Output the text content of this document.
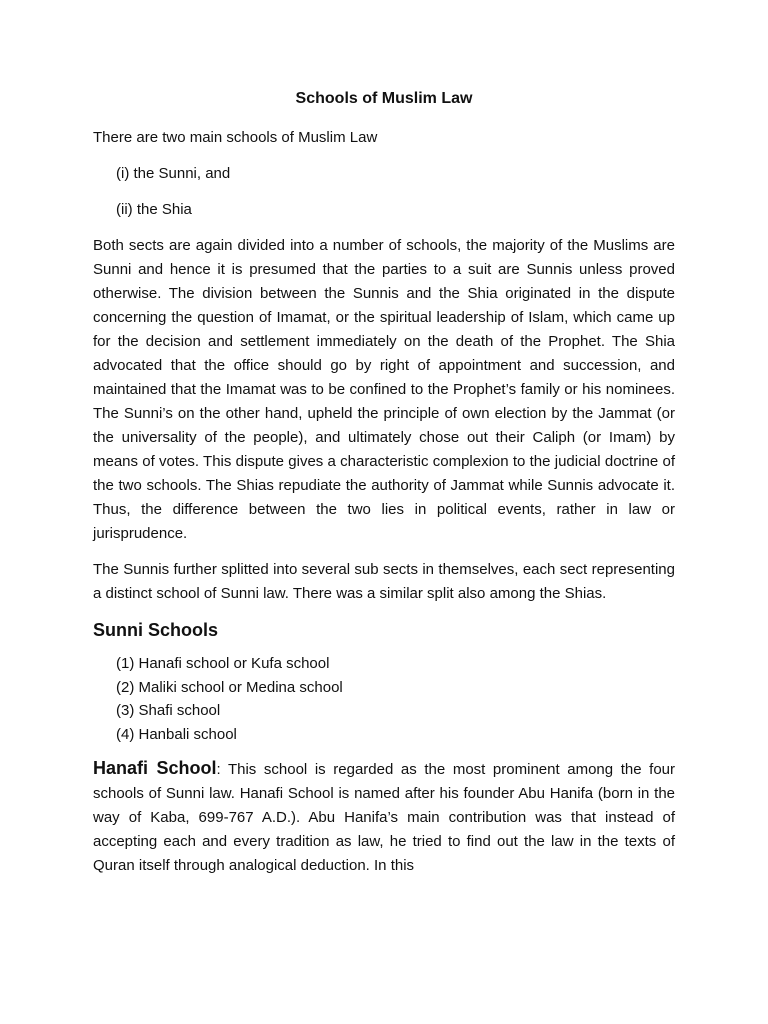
Schools of Muslim Law
There are two main schools of Muslim Law
(i) the Sunni, and
(ii) the Shia

Both sects are again divided into a number of schools, the majority of the Muslims are Sunni and hence it is presumed that the parties to a suit are Sunnis unless proved otherwise. The division between the Sunnis and the Shia originated in the dispute concerning the question of Imamat, or the spiritual leadership of Islam, which came up for the decision and settlement immediately on the death of the Prophet. The Shia advocated that the office should go by right of appointment and succession, and maintained that the Imamat was to be confined to the Prophet’s family or his nominees. The Sunni’s on the other hand, upheld the principle of own election by the Jammat (or the universality of the people), and ultimately chose out their Caliph (or Imam) by means of votes. This dispute gives a characteristic complexion to the judicial doctrine of the two schools. The Shias repudiate the authority of Jammat while Sunnis advocate it. Thus, the difference between the two lies in political events, rather in law or jurisprudence.

The Sunnis further splitted into several sub sects in themselves, each sect representing a distinct school of Sunni law. There was a similar split also among the Shias.

Sunni Schools
(1) Hanafi school or Kufa school
(2) Maliki school or Medina school
(3) Shafi school
(4) Hanbali school

Hanafi School: This school is regarded as the most prominent among the four schools of Sunni law. Hanafi School is named after his founder Abu Hanifa (born in the way of Kaba, 699-767 A.D.). Abu Hanifa’s main contribution was that instead of accepting each and every tradition as law, he tried to find out the law in the texts of Quran itself through analogical deduction. In this
